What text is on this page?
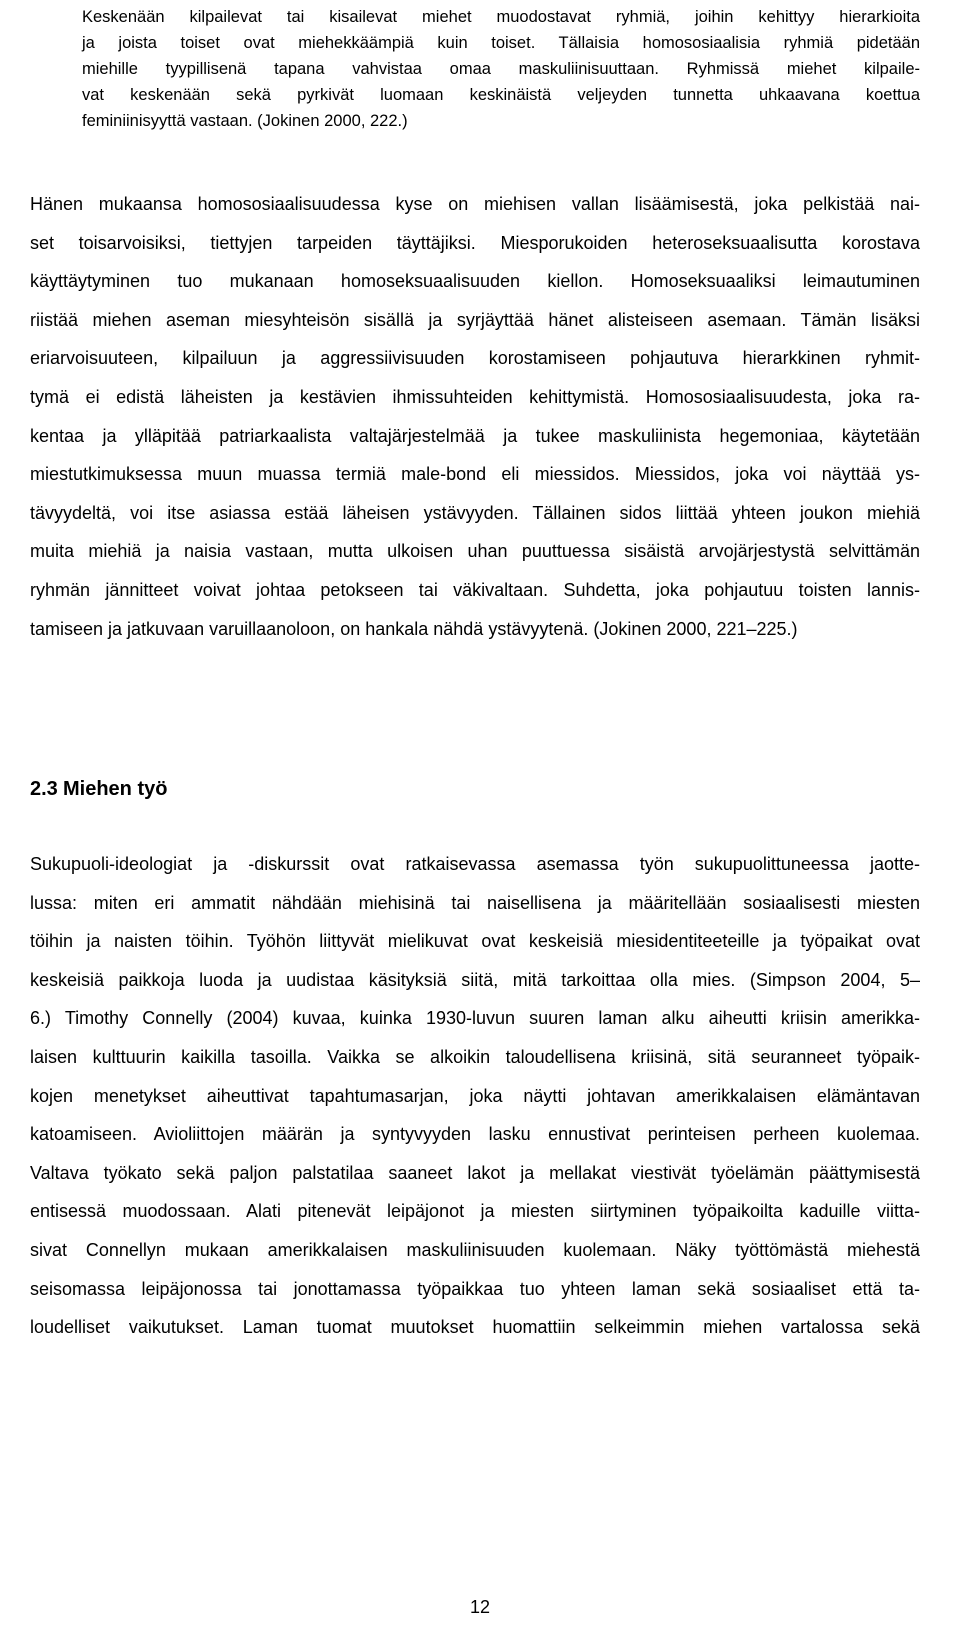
Keskenään kilpailevat tai kisailevat miehet muodostavat ryhmiä, joihin kehittyy hierarkioita
ja joista toiset ovat miehekkäämpiä kuin toiset. Tällaisia homososiaalisia ryhmiä pidetään
miehille tyypillisenä tapana vahvistaa omaa maskuliinisuuttaan. Ryhmissä miehet kilpaile-
vat keskenään sekä pyrkivät luomaan keskinäistä veljeyden tunnetta uhkaavana koettua
feminiinisyyttä vastaan. (Jokinen 2000, 222.)
Hänen mukaansa homososiaalisuudessa kyse on miehisen vallan lisäämisestä, joka pelkistää nai-
set toisarvoisiksi, tiettyjen tarpeiden täyttäjiksi. Miesporukoiden heteroseksuaalisutta korostava
käyttäytyminen tuo mukanaan homoseksuaalisuuden kiellon. Homoseksuaaliksi leimautuminen
riistää miehen aseman miesyhteisön sisällä ja syrjäyttää hänet alisteiseen asemaan. Tämän lisäksi
eriarvoisuuteen, kilpailuun ja aggressiivisuuden korostamiseen pohjautuva hierarkkinen ryhmit-
tymä ei edistä läheisten ja kestävien ihmissuhteiden kehittymistä. Homososiaalisuudesta, joka ra-
kentaa ja ylläpitää patriarkaalista valtajärjestelmää ja tukee maskuliinista hegemoniaa, käytetään
miestutkimuksessa muun muassa termiä male-bond eli miessidos. Miessidos, joka voi näyttää ys-
tävyydeltä, voi itse asiassa estää läheisen ystävyyden. Tällainen sidos liittää yhteen joukon miehiä
muita miehiä ja naisia vastaan, mutta ulkoisen uhan puuttuessa sisäistä arvojärjestystä selvittämän
ryhmän jännitteet voivat johtaa petokseen tai väkivaltaan. Suhdetta, joka pohjautuu toisten lannis-
tamiseen ja jatkuvaan varuillaanoloon, on hankala nähdä ystävyytenä. (Jokinen 2000, 221–225.)
2.3 Miehen työ
Sukupuoli-ideologiat ja -diskurssit ovat ratkaisevassa asemassa työn sukupuolittuneessa jaotte-
lussa: miten eri ammatit nähdään miehisinä tai naisellisena ja määritellään sosiaalisesti miesten
töihin ja naisten töihin. Työhön liittyvät mielikuvat ovat keskeisiä miesidentiteeteille ja työpaikat ovat
keskeisiä paikkoja luoda ja uudistaa käsityksiä siitä, mitä tarkoittaa olla mies. (Simpson 2004, 5–
6.) Timothy Connelly (2004) kuvaa, kuinka 1930-luvun suuren laman alku aiheutti kriisin amerikka-
laisen kulttuurin kaikilla tasoilla. Vaikka se alkoikin taloudellisena kriisinä, sitä seuranneet työpaik-
kojen menetykset aiheuttivat tapahtumasarjan, joka näytti johtavan amerikkalaisen elämäntavan
katoamiseen. Avioliittojen määrän ja syntyvyyden lasku ennustivat perinteisen perheen kuolemaa.
Valtava työkato sekä paljon palstatilaa saaneet lakot ja mellakat viestivät työelämän päättymisestä
entisessä muodossaan. Alati pitenevät leipäjonot ja miesten siirtyminen työpaikoilta kaduille viitta-
sivat Connellyn mukaan amerikkalaisen maskuliinisuuden kuolemaan. Näky työttömästä miehestä
seisomassa leipäjonossa tai jonottamassa työpaikkaa tuo yhteen laman sekä sosiaaliset että ta-
loudelliset vaikutukset. Laman tuomat muutokset huomattiin selkeimmin miehen vartalossa sekä
12
